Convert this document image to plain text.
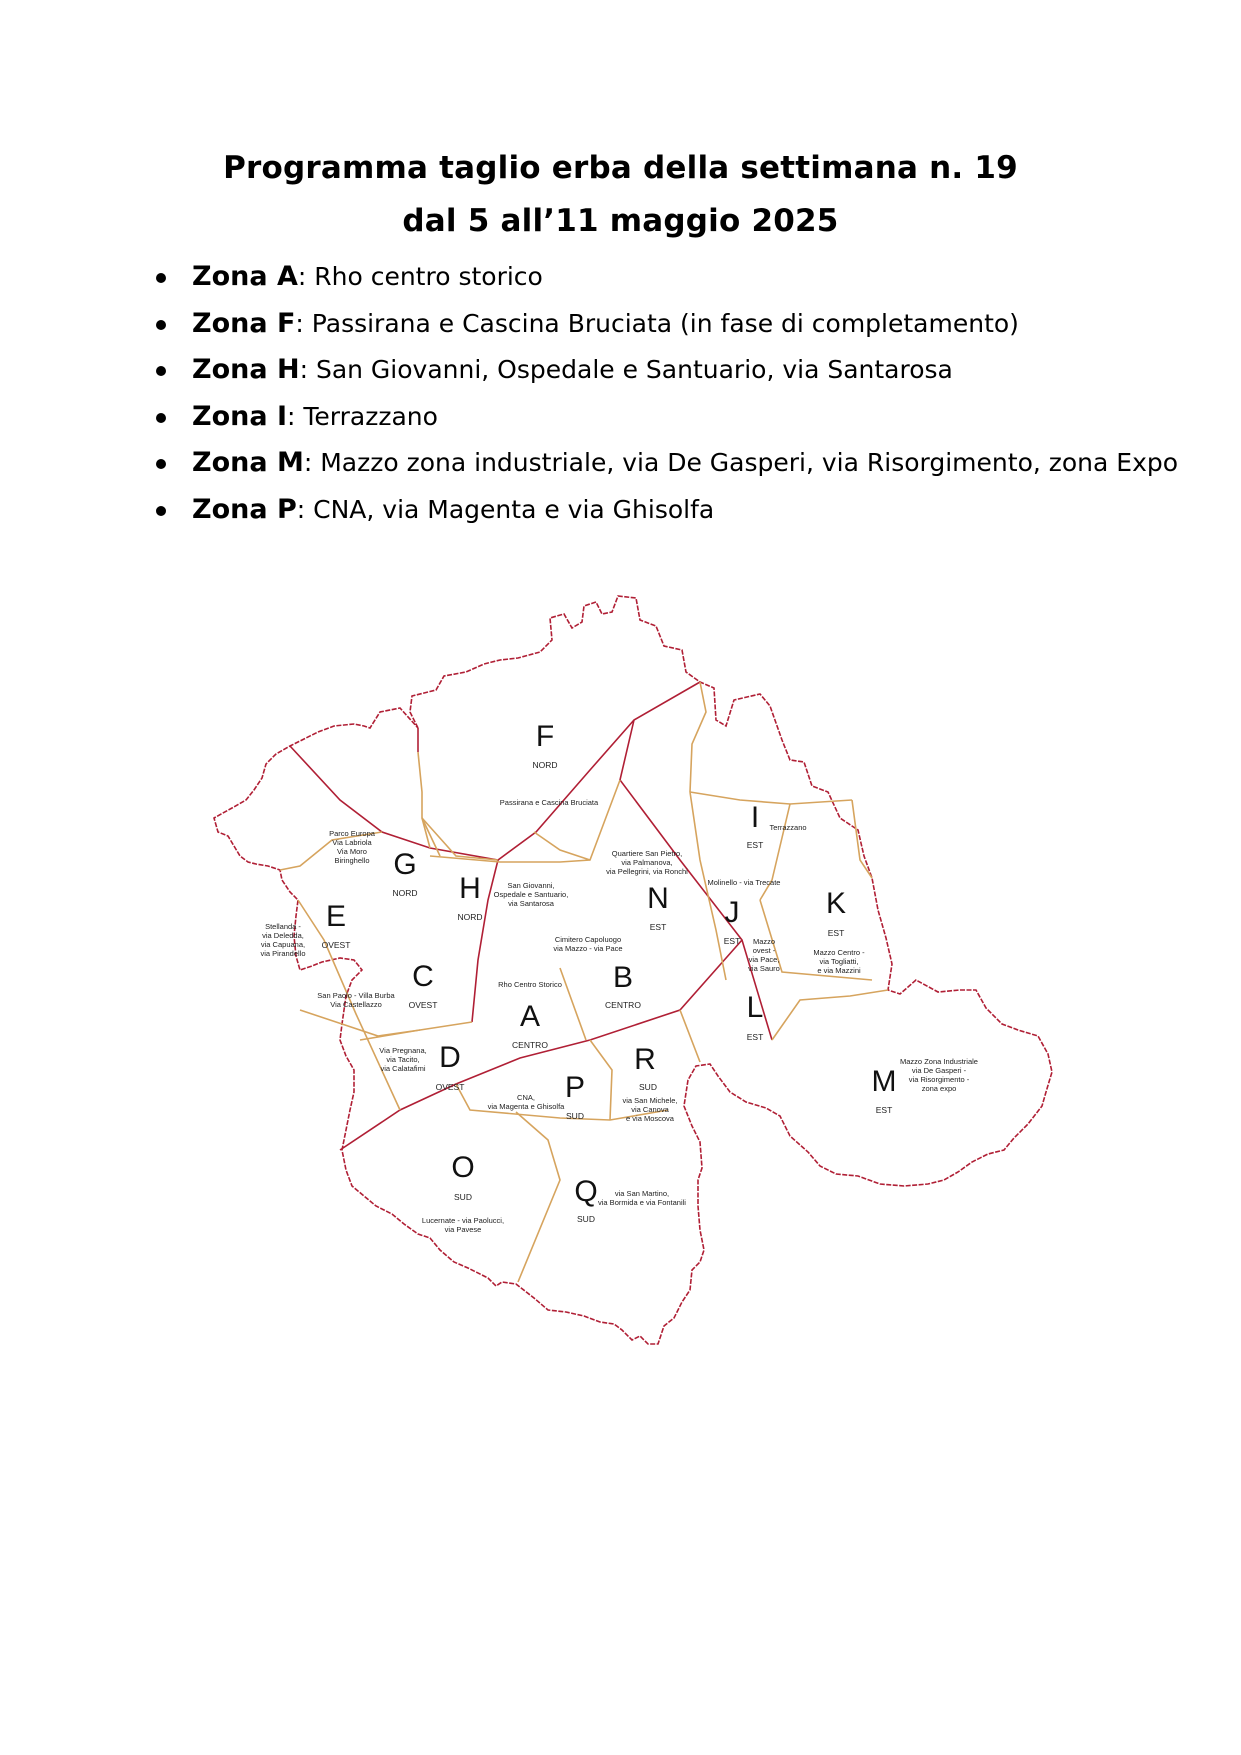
Programma taglio erba della settimana n. 19
dal 5 all’11 maggio 2025
Zona A: Rho centro storico
Zona F: Passirana e Cascina Bruciata (in fase di completamento)
Zona H: San Giovanni, Ospedale e Santuario, via Santarosa
Zona I: Terrazzano
Zona M: Mazzo zona industriale, via De Gasperi, via Risorgimento, zona Expo
Zona P: CNA, via Magenta e via Ghisolfa
F
NORD
Passirana e Cascina Bruciata
Parco Europa
Via Labriola
Via Moro
Biringhello G
NORD H
NORD
San Giovanni,
Ospedale e Santuario,
via Santarosa
I Terrazzano
EST
Stellanda -
via Deledda,
via Capuana,
via Pirandello
E
OVEST
Quartiere San Pietro,
via Palmanova,
via Pellegrini, via Ronchi
N
EST
Molinello - via Trecate
J
EST
K
EST
Mazzo Centro -
via Togliatti,
e via Mazzini
C
San Paolo - Villa Burba
Via Castellazzo	OVEST
Cimitero Capoluogo
via Mazzo - via Pace
B
CENTRO
Rho Centro Storico
A
CENTRO
Mazzo
ovest -
via Pace,
via Sauro
L
EST
Via Pregnana,
via Tacito,
via Calatafimi D
OVEST
R
SUD
via San Michele,
via Canova
e via Moscova
CNA,
via Magenta e Ghisolfa
P
SUD
Mazzo Zona Industriale
via De Gasperi -
via Risorgimento -
zona expo
M
EST
O
SUD
Lucernate - via Paolucci,
via Pavese
Q via San Martino,
via Bormida e via Fontanili
SUD
